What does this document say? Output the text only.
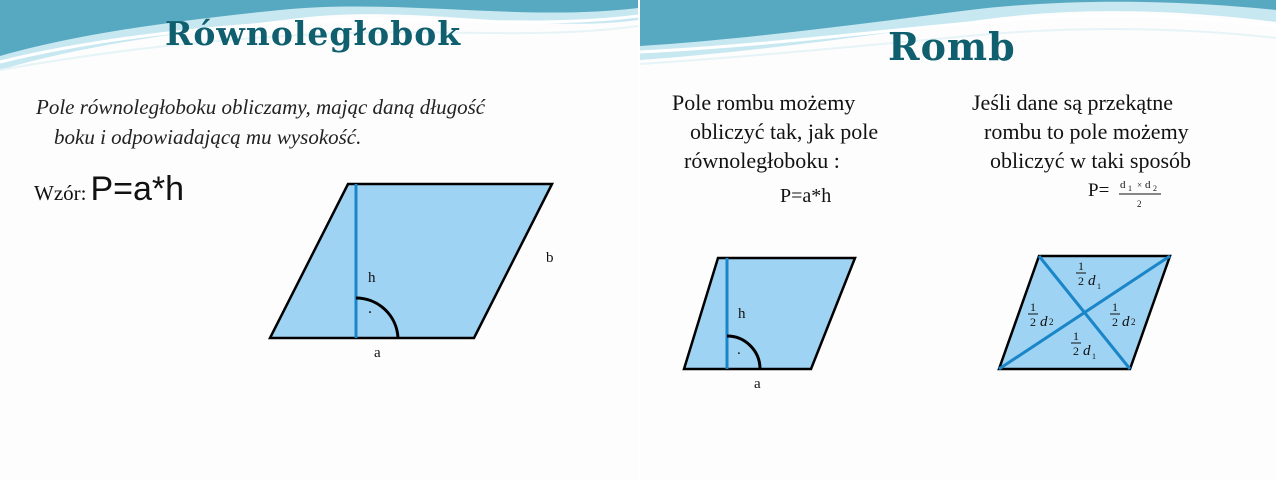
Równoległobok
Pole równoległoboku obliczamy, mając daną długość
boku i odpowiadającą mu wysokość.
Wzór: P=a*h
.
h
a
b
Romb
Pole rombu możemy
obliczyć tak, jak pole
równoległoboku :
P=a*h
Jeśli dane są przekątne
rombu to pole możemy
obliczyć w taki sposób
P= d 1 × d 2
2
.
h
a
1
2 d 1
1
2 d 2
1
2 d 2
1
2 d 1
